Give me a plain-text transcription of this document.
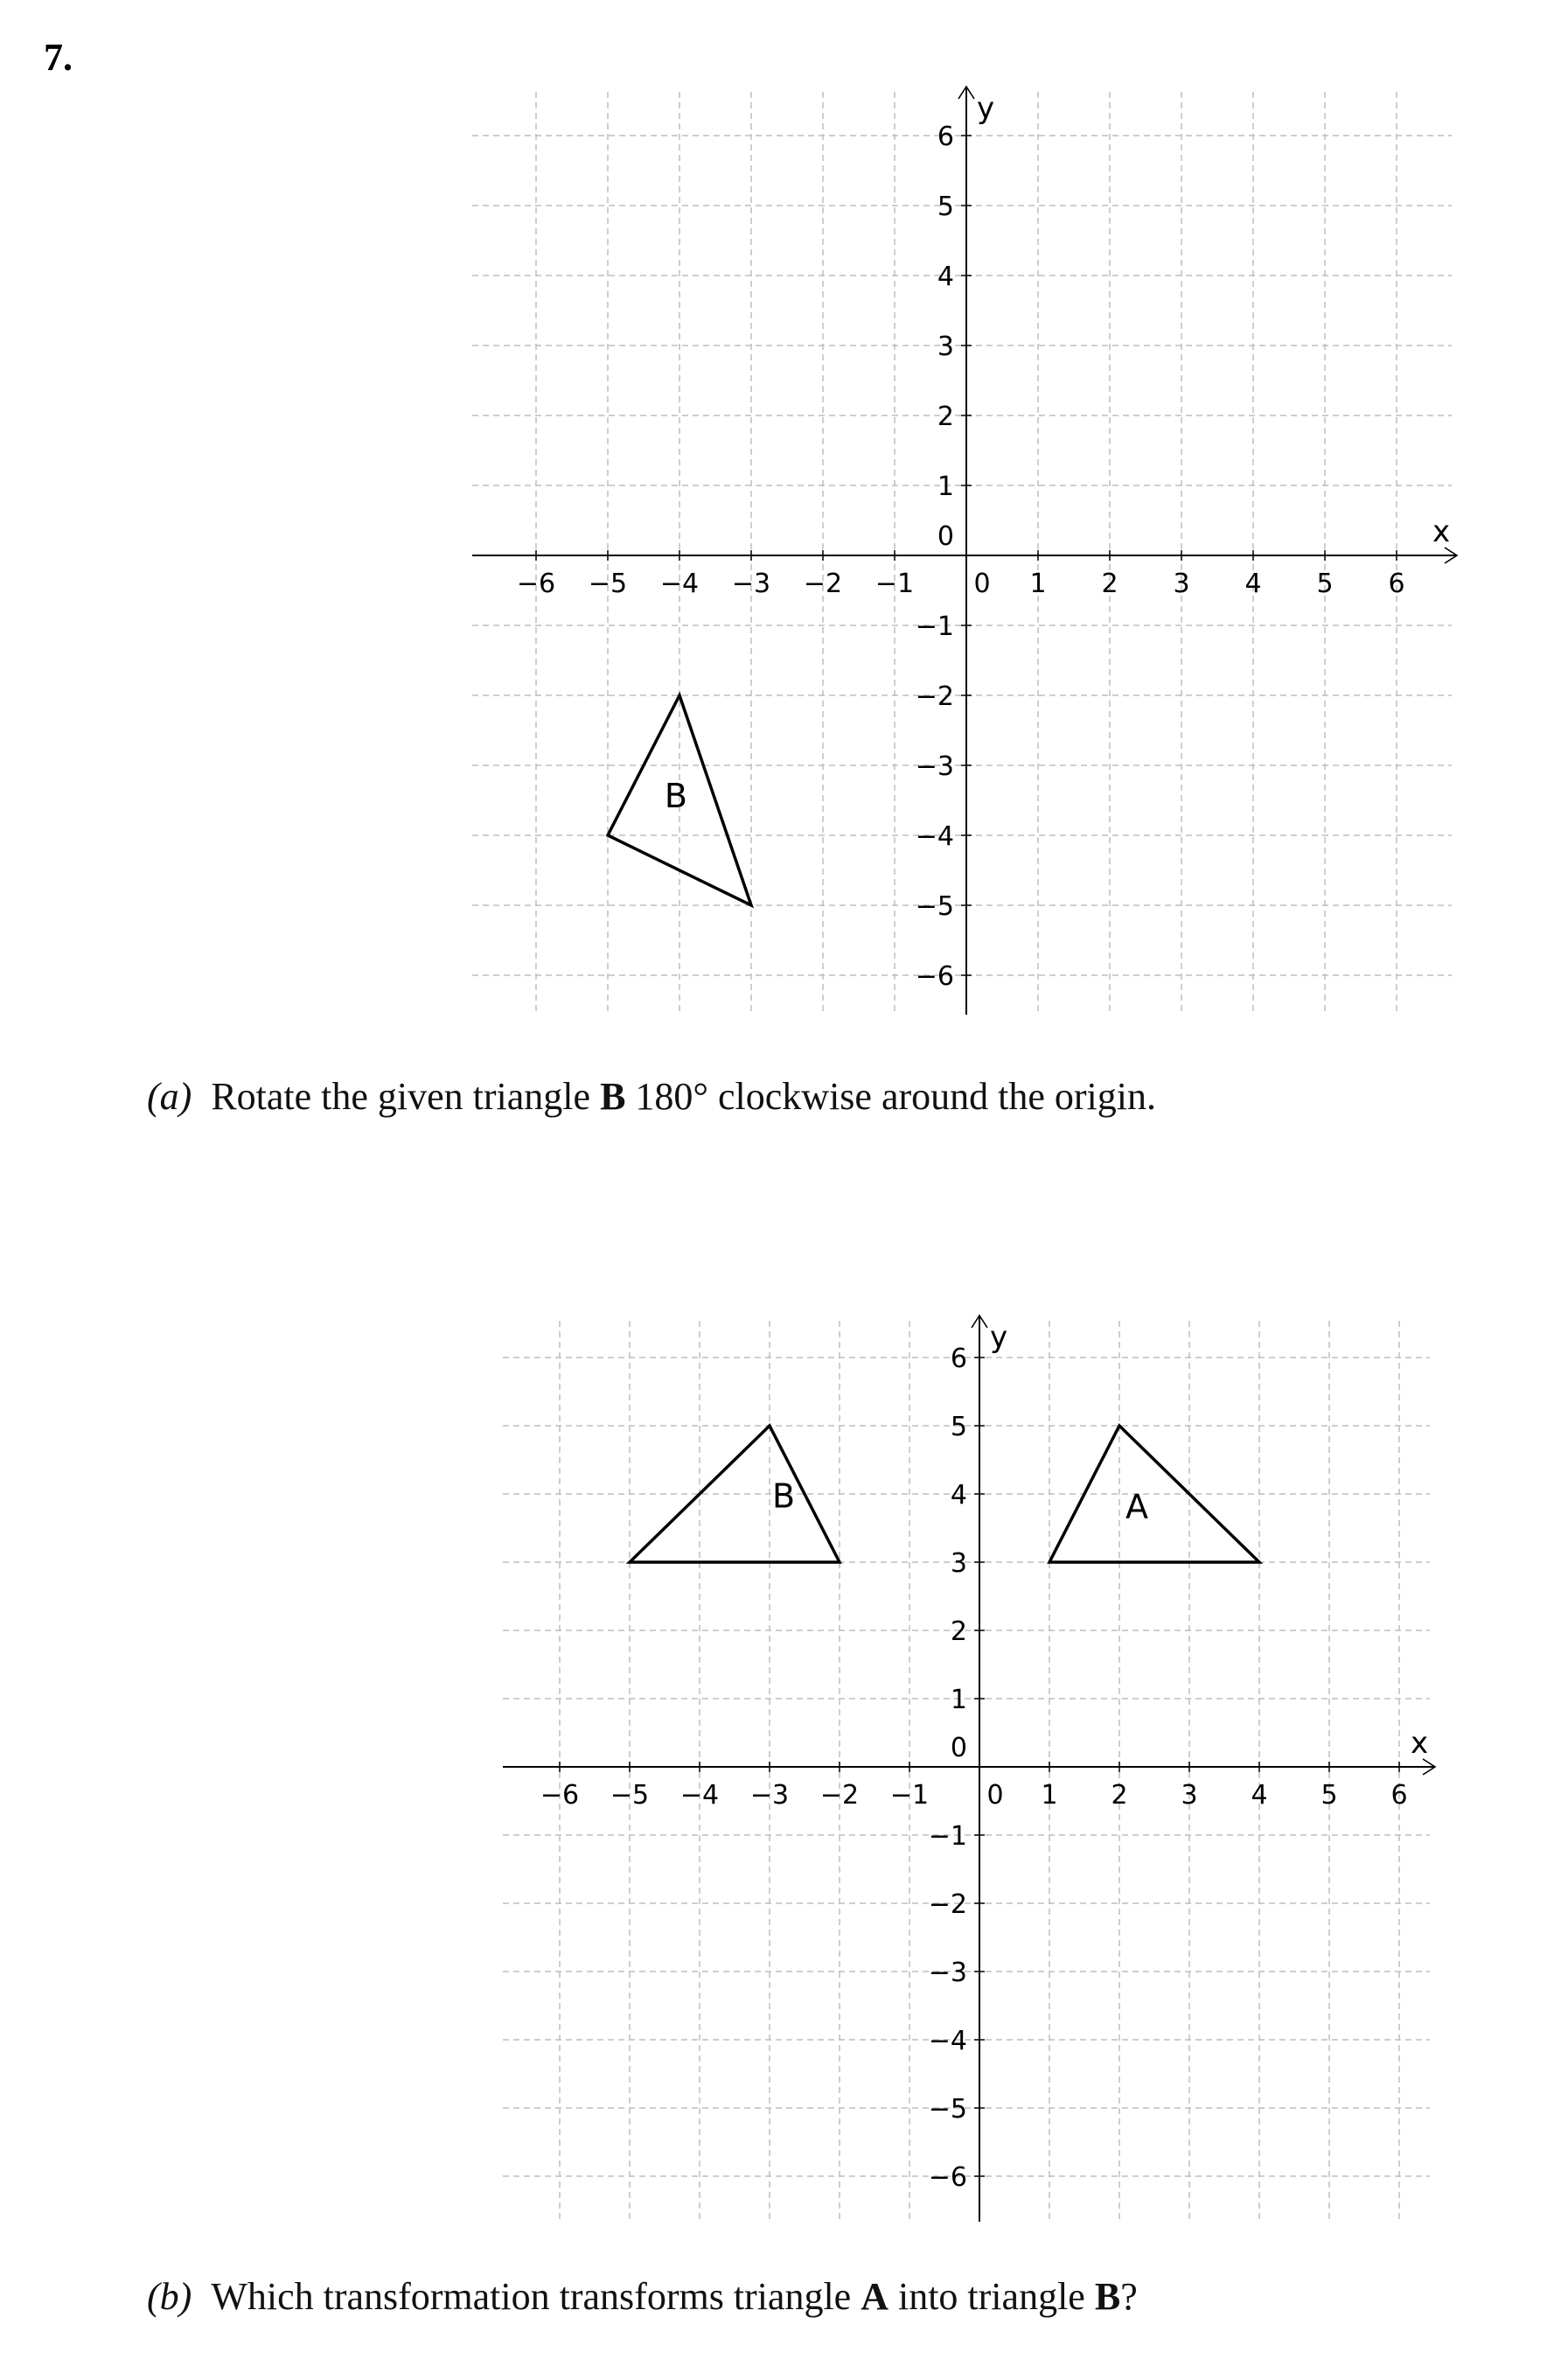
7.
−6 −5 −4 −3 −2 −1 0 1 2 3 4 5 6
−6
−5
−4
−3
−2
−1
0
1
2
3
4
5
6
x
y
B
(a) Rotate the given triangle B 180° clockwise around the origin.
−6 −5 −4 −3 −2 −1 0 1 2 3 4 5 6
−6
−5
−4
−3
−2
−1
0
1
2
3
4
5
6
x
y
B	A
(b) Which transformation transforms triangle A into triangle B?
